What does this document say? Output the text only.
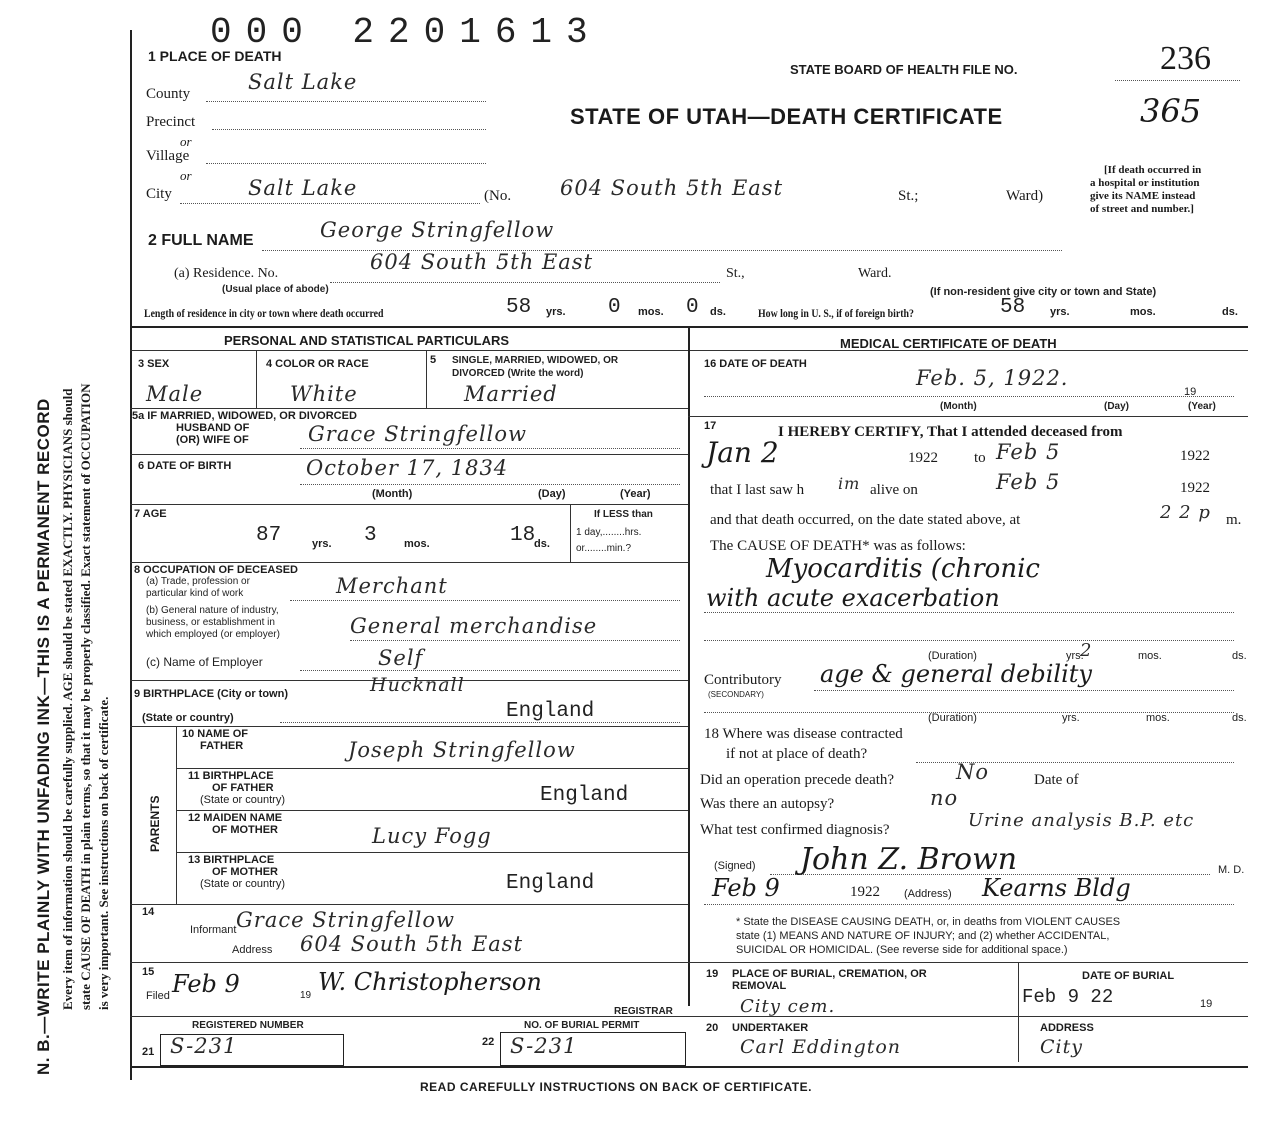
N. B.—WRITE PLAINLY WITH UNFADING INK—THIS IS A PERMANENT RECORD Every item of information should be carefully supplied. AGE should be stated EXACTLY. PHYSICIANS should state CAUSE OF DEATH in plain terms, so that it may be properly classified. Exact statement of OCCUPATION is very important. See instructions on back of certificate.
000 2201613
1 PLACE OF DEATH
STATE BOARD OF HEALTH FILE NO.	236
County	Salt Lake
STATE OF UTAH—DEATH CERTIFICATE	365
Precinct
or
Village
or
City	Salt Lake	(No. 604 South 5th East	St.;	Ward)
[If death occurred in
a hospital or institution
give its NAME instead
of street and number.]
2 FULL NAME	George Stringfellow
(a) Residence. No.	604 South 5th East	St.,	Ward.
(Usual place of abode)	(If non-resident give city or town and State)
Length of residence in city or town where death occurred	58 yrs. 0 mos. 0 ds.	How long in U. S., if of foreign birth?	58 yrs.	mos.	ds.
PERSONAL AND STATISTICAL PARTICULARS	MEDICAL CERTIFICATE OF DEATH
3 SEX
Male
4 COLOR OR RACE
White
5 SINGLE, MARRIED, WIDOWED, OR
DIVORCED (Write the word)
Married
5a IF MARRIED, WIDOWED, OR DIVORCED
HUSBAND OF
(OR) WIFE OF	Grace Stringfellow
6 DATE OF BIRTH	October 17, 1834
(Month)	(Day)	(Year)
7 AGE
87	yrs. 3 mos.	18
ds.
If LESS than
1 day,........hrs.
or........min.?
8 OCCUPATION OF DECEASED
(a) Trade, profession or
particular kind of work	Merchant
(b) General nature of industry,
business, or establishment in
which employed (or employer)	General merchandise
(c) Name of Employer	Self
9 BIRTHPLACE (City or town)	Hucknall
(State or country)	England
PARENTS
10 NAME OF
FATHER	Joseph Stringfellow
11 BIRTHPLACE
OF FATHER
(State or country)	England
12 MAIDEN NAME
OF MOTHER	Lucy Fogg
13 BIRTHPLACE
OF MOTHER
(State or country)	England
14
Informant Grace Stringfellow
Address 604 South 5th East
15
Filed Feb 9	19 W. Christopherson
REGISTRAR
REGISTERED NUMBER	NO. OF BURIAL PERMIT
21 S-231	22 S-231
16 DATE OF DEATH
Feb. 5, 1922.
19
(Month)	(Day)	(Year)
17	I HEREBY CERTIFY, That I attended deceased from
Jan 2	1922 to Feb 5	1922
that I last saw h im alive on	Feb 5	1922
and that death occurred, on the date stated above, at	2 2 p m.
The CAUSE OF DEATH* was as follows:
Myocarditis (chronic
with acute exacerbation
(Duration)	2
yrs.	mos.	ds.
Contributory
(SECONDARY)
age & general debility
(Duration)	yrs.	mos.	ds.
18 Where was disease contracted
if not at place of death?
Did an operation precede death?	No	Date of
Was there an autopsy?	no
What test confirmed diagnosis?	Urine analysis B.P. etc
(Signed) John Z. Brown	M. D.
Feb 9	1922 (Address) Kearns Bldg
* State the DISEASE CAUSING DEATH, or, in deaths from VIOLENT CAUSES
state (1) MEANS AND NATURE OF INJURY; and (2) whether ACCIDENTAL,
SUICIDAL OR HOMICIDAL. (See reverse side for additional space.)
19 PLACE OF BURIAL, CREMATION, OR
REMOVAL
City cem.
DATE OF BURIAL
Feb 9 22	19
20 UNDERTAKER
Carl Eddington
ADDRESS
City
READ CAREFULLY INSTRUCTIONS ON BACK OF CERTIFICATE.
